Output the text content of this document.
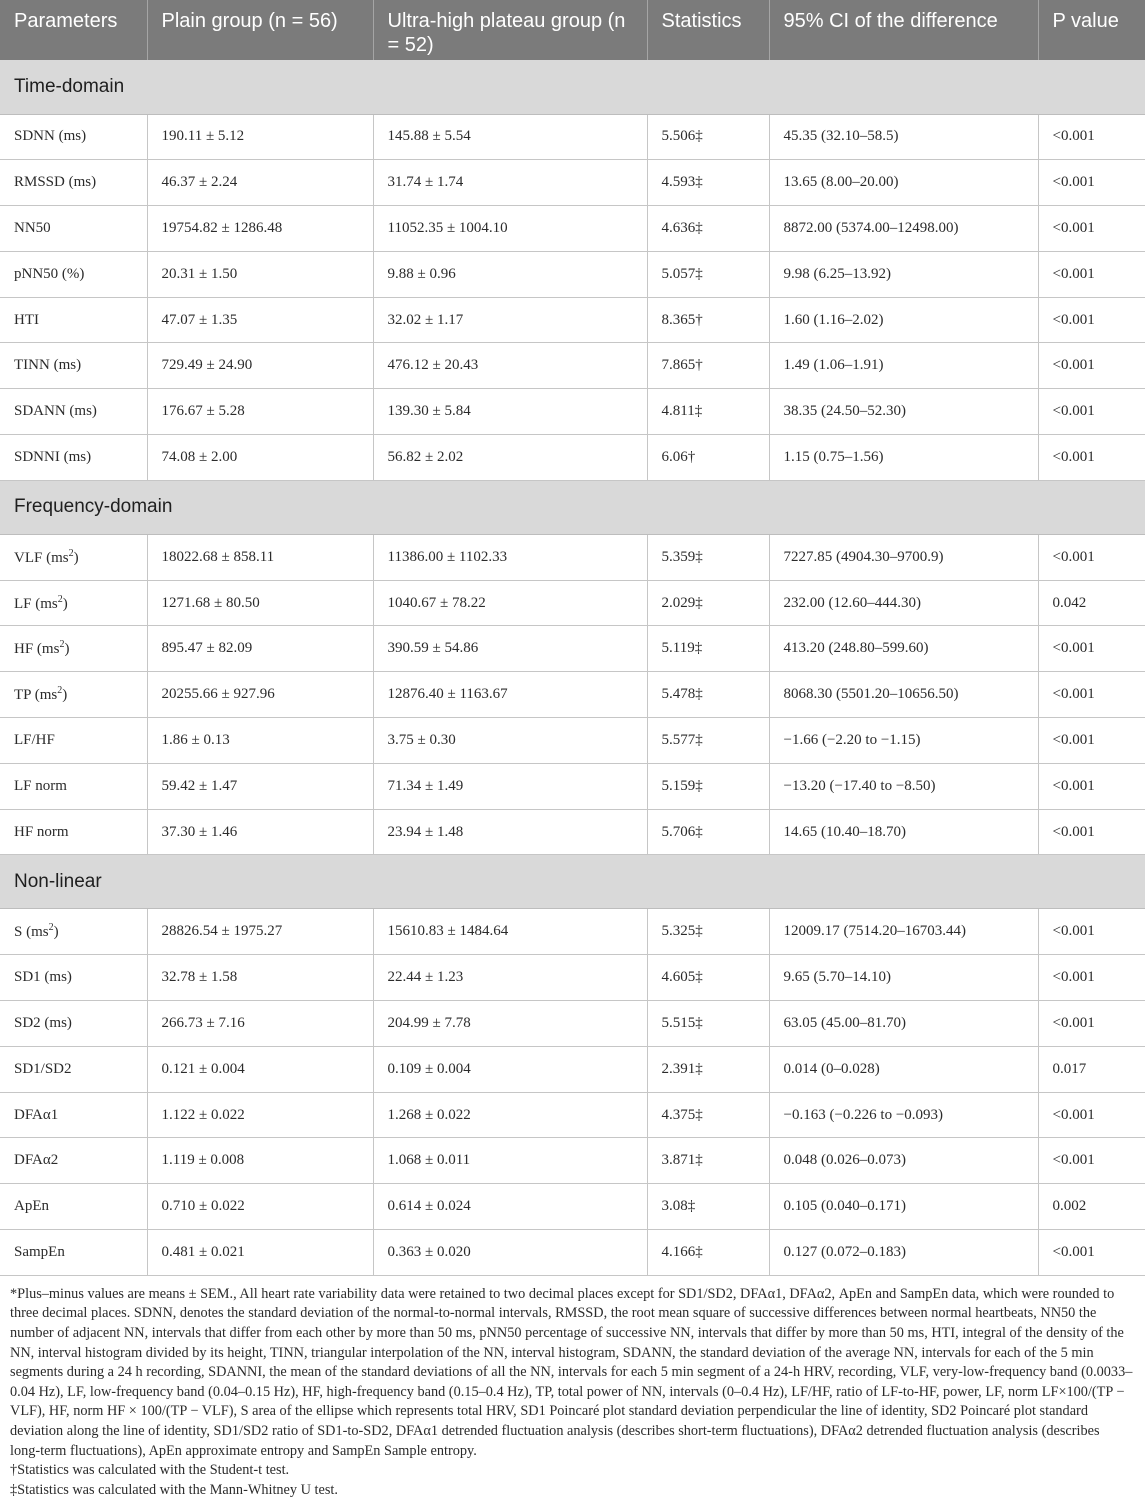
Parameters	Plain group (n = 56)	Ultra-high plateau group (n = 52)	Statistics	95% CI of the difference	P value
Time-domain					
SDNN (ms)	190.11 ± 5.12	145.88 ± 5.54	5.506‡	45.35 (32.10–58.5)	<0.001
RMSSD (ms)	46.37 ± 2.24	31.74 ± 1.74	4.593‡	13.65 (8.00–20.00)	<0.001
NN50	19754.82 ± 1286.48	11052.35 ± 1004.10	4.636‡	8872.00 (5374.00–12498.00)	<0.001
pNN50 (%)	20.31 ± 1.50	9.88 ± 0.96	5.057‡	9.98 (6.25–13.92)	<0.001
HTI	47.07 ± 1.35	32.02 ± 1.17	8.365†	1.60 (1.16–2.02)	<0.001
TINN (ms)	729.49 ± 24.90	476.12 ± 20.43	7.865†	1.49 (1.06–1.91)	<0.001
SDANN (ms)	176.67 ± 5.28	139.30 ± 5.84	4.811‡	38.35 (24.50–52.30)	<0.001
SDNNI (ms)	74.08 ± 2.00	56.82 ± 2.02	6.06†	1.15 (0.75–1.56)	<0.001
Frequency-domain					
VLF $(ms^2)$	18022.68 ± 858.11	11386.00 ± 1102.33	5.359‡	7227.85 (4904.30–9700.9)	<0.001
LF $(ms^2)$	1271.68 ± 80.50	1040.67 ± 78.22	2.029‡	232.00 (12.60–444.30)	0.042
HF $(ms^2)$	895.47 ± 82.09	390.59 ± 54.86	5.119‡	413.20 (248.80–599.60)	<0.001
TP $(ms^2)$	20255.66 ± 927.96	12876.40 ± 1163.67	5.478‡	8068.30 (5501.20–10656.50)	<0.001
LF/HF	1.86 ± 0.13	3.75 ± 0.30	5.577‡	−1.66 (−2.20 to −1.15)	<0.001
LF norm	59.42 ± 1.47	71.34 ± 1.49	5.159‡	−13.20 (−17.40 to −8.50)	<0.001
HF norm	37.30 ± 1.46	23.94 ± 1.48	5.706‡	14.65 (10.40–18.70)	<0.001
Non-linear					
S $(ms^2)$	28826.54 ± 1975.27	15610.83 ± 1484.64	5.325‡	12009.17 (7514.20–16703.44)	<0.001
SD1 (ms)	32.78 ± 1.58	22.44 ± 1.23	4.605‡	9.65 (5.70–14.10)	<0.001
SD2 (ms)	266.73 ± 7.16	204.99 ± 7.78	5.515‡	63.05 (45.00–81.70)	<0.001
SD1/SD2	0.121 ± 0.004	0.109 ± 0.004	2.391‡	0.014 (0–0.028)	0.017
DFAα1	1.122 ± 0.022	1.268 ± 0.022	4.375‡	−0.163 (−0.226 to −0.093)	<0.001
DFAα2	1.119 ± 0.008	1.068 ± 0.011	3.871‡	0.048 (0.026–0.073)	<0.001
ApEn	0.710 ± 0.022	0.614 ± 0.024	3.08‡	0.105 (0.040–0.171)	0.002
SampEn	0.481 ± 0.021	0.363 ± 0.020	4.166‡	0.127 (0.072–0.183)	<0.001

*Plus–minus values are means ± SEM., All heart rate variability data were retained to two decimal places except for SD1/SD2, DFAα1, DFAα2, ApEn and SampEn data, which were rounded to three decimal places. SDNN, denotes the standard deviation of the normal-to-normal intervals, RMSSD, the root mean square of successive differences between normal heartbeats, NN50 the number of adjacent NN, intervals that differ from each other by more than 50 ms, pNN50 percentage of successive NN, intervals that differ by more than 50 ms, HTI, integral of the density of the NN, interval histogram divided by its height, TINN, triangular interpolation of the NN, interval histogram, SDANN, the standard deviation of the average NN, intervals for each of the 5 min segments during a 24 h recording, SDANNI, the mean of the standard deviations of all the NN, intervals for each 5 min segment of a 24-h HRV, recording, VLF, very-low-frequency band (0.0033–0.04 Hz), LF, low-frequency band (0.04–0.15 Hz), HF, high-frequency band (0.15–0.4 Hz), TP, total power of NN, intervals (0–0.4 Hz), LF/HF, ratio of LF-to-HF, power, LF, norm LF×100/(TP − VLF), HF, norm HF × 100/(TP − VLF), S area of the ellipse which represents total HRV, SD1 Poincaré plot standard deviation perpendicular the line of identity, SD2 Poincaré plot standard deviation along the line of identity, SD1/SD2 ratio of SD1-to-SD2, DFAα1 detrended fluctuation analysis (describes short-term fluctuations), DFAα2 detrended fluctuation analysis (describes long-term fluctuations), ApEn approximate entropy and SampEn Sample entropy.

†Statistics was calculated with the Student-t test.

‡Statistics was calculated with the Mann-Whitney U test.
